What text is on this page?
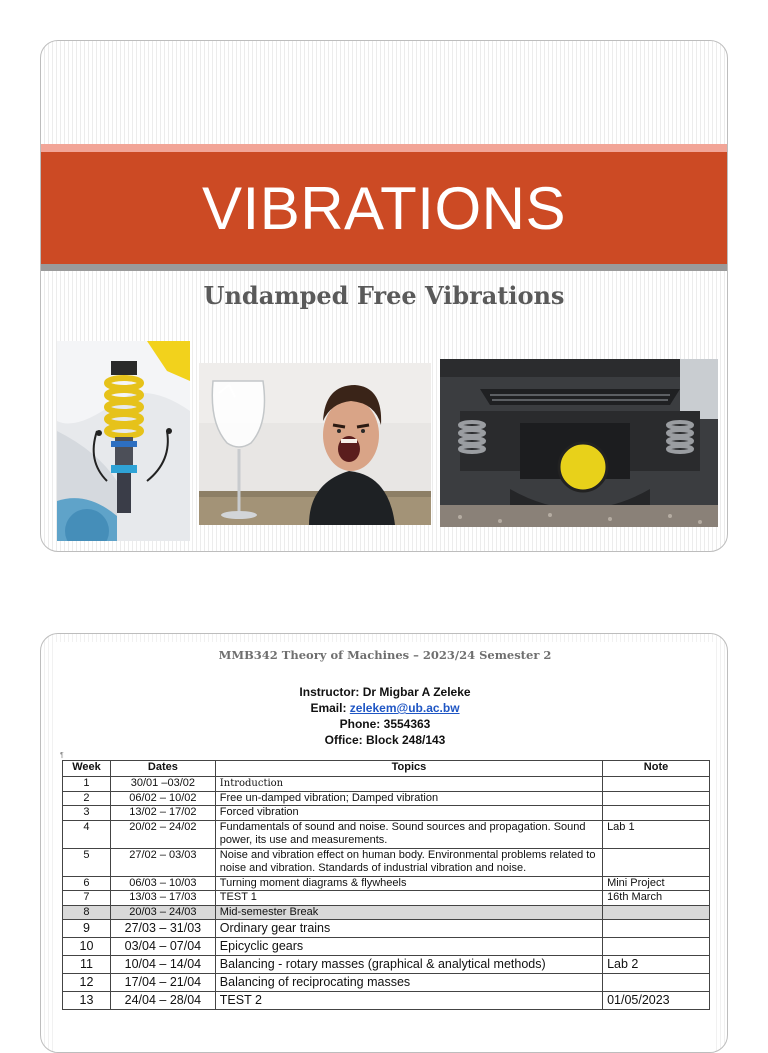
VIBRATIONS
Undamped Free Vibrations
MMB342 Theory of Machines – 2023/24 Semester 2
Instructor: Dr Migbar A Zeleke
Email: zelekem@ub.ac.bw
Phone: 3554363
Office: Block 248/143
¶
Week	Dates	Topics	Note
1	30/01 –03/02	Introduction	
2	06/02 – 10/02	Free un-damped vibration; Damped vibration	
3	13/02 – 17/02	Forced vibration	
4	20/02 – 24/02	Fundamentals of sound and noise. Sound sources and propagation. Sound power, its use and measurements.	Lab 1
5	27/02 – 03/03	Noise and vibration effect on human body. Environmental problems related to noise and vibration. Standards of industrial vibration and noise.	
6	06/03 – 10/03	Turning moment diagrams & flywheels	Mini Project
7	13/03 – 17/03	TEST 1	16th March
8	20/03 – 24/03	Mid-semester Break	
9	27/03 – 31/03	Ordinary gear trains	
10	03/04 – 07/04	Epicyclic gears	
11	10/04 – 14/04	Balancing - rotary masses (graphical & analytical methods)	Lab 2
12	17/04 – 21/04	Balancing of reciprocating masses	
13	24/04 – 28/04	TEST 2	01/05/2023
